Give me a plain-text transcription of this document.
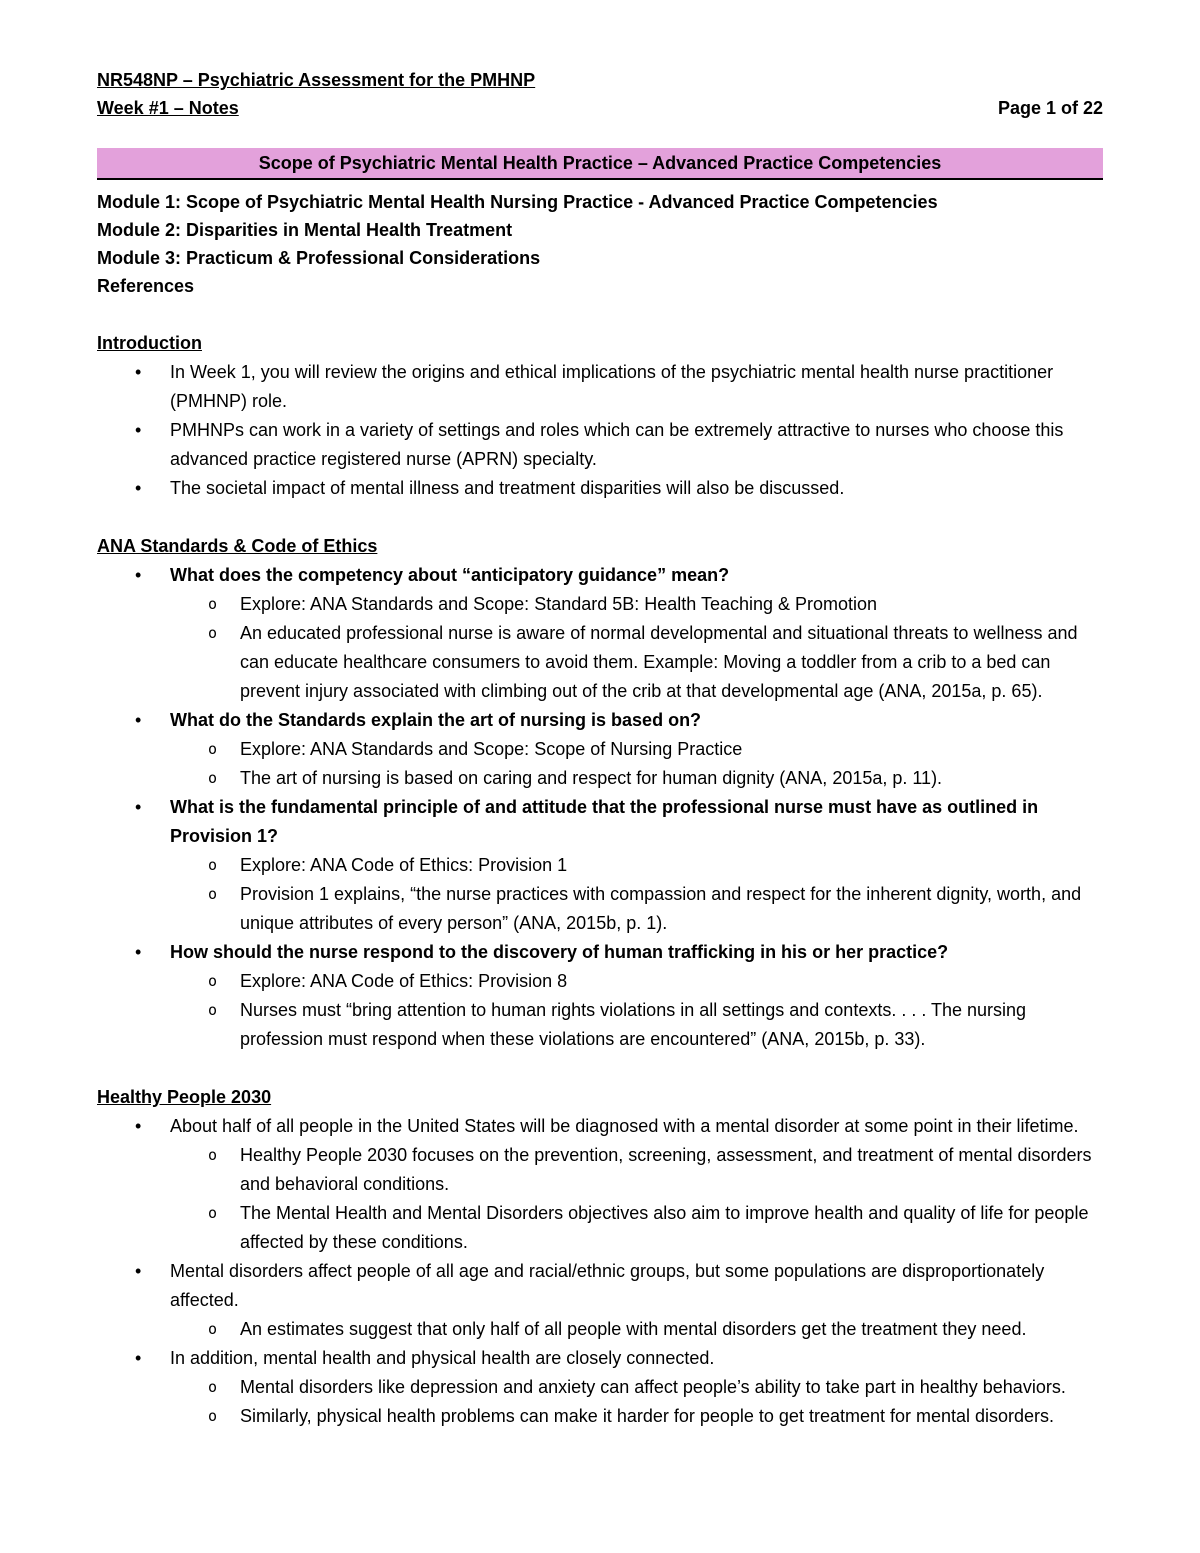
NR548NP – Psychiatric Assessment for the PMHNP
Week #1 – Notes	Page 1 of 22
Scope of Psychiatric Mental Health Practice – Advanced Practice Competencies
Module 1: Scope of Psychiatric Mental Health Nursing Practice - Advanced Practice Competencies
Module 2: Disparities in Mental Health Treatment
Module 3: Practicum & Professional Considerations
References
Introduction
• In Week 1, you will review the origins and ethical implications of the psychiatric mental health nurse practitioner (PMHNP) role.
• PMHNPs can work in a variety of settings and roles which can be extremely attractive to nurses who choose this advanced practice registered nurse (APRN) specialty.
• The societal impact of mental illness and treatment disparities will also be discussed.
ANA Standards & Code of Ethics
• What does the competency about “anticipatory guidance” mean?
o Explore: ANA Standards and Scope: Standard 5B: Health Teaching & Promotion
o An educated professional nurse is aware of normal developmental and situational threats to wellness and can educate healthcare consumers to avoid them. Example: Moving a toddler from a crib to a bed can prevent injury associated with climbing out of the crib at that developmental age (ANA, 2015a, p. 65).
• What do the Standards explain the art of nursing is based on?
o Explore: ANA Standards and Scope: Scope of Nursing Practice
o The art of nursing is based on caring and respect for human dignity (ANA, 2015a, p. 11).
• What is the fundamental principle of and attitude that the professional nurse must have as outlined in Provision 1?
o Explore: ANA Code of Ethics: Provision 1
o Provision 1 explains, “the nurse practices with compassion and respect for the inherent dignity, worth, and unique attributes of every person” (ANA, 2015b, p. 1).
• How should the nurse respond to the discovery of human trafficking in his or her practice?
o Explore: ANA Code of Ethics: Provision 8
o Nurses must “bring attention to human rights violations in all settings and contexts. . . . The nursing profession must respond when these violations are encountered” (ANA, 2015b, p. 33).
Healthy People 2030
• About half of all people in the United States will be diagnosed with a mental disorder at some point in their lifetime.
o Healthy People 2030 focuses on the prevention, screening, assessment, and treatment of mental disorders and behavioral conditions.
o The Mental Health and Mental Disorders objectives also aim to improve health and quality of life for people affected by these conditions.
• Mental disorders affect people of all age and racial/ethnic groups, but some populations are disproportionately affected.
o An estimates suggest that only half of all people with mental disorders get the treatment they need.
• In addition, mental health and physical health are closely connected.
o Mental disorders like depression and anxiety can affect people’s ability to take part in healthy behaviors.
o Similarly, physical health problems can make it harder for people to get treatment for mental disorders.
